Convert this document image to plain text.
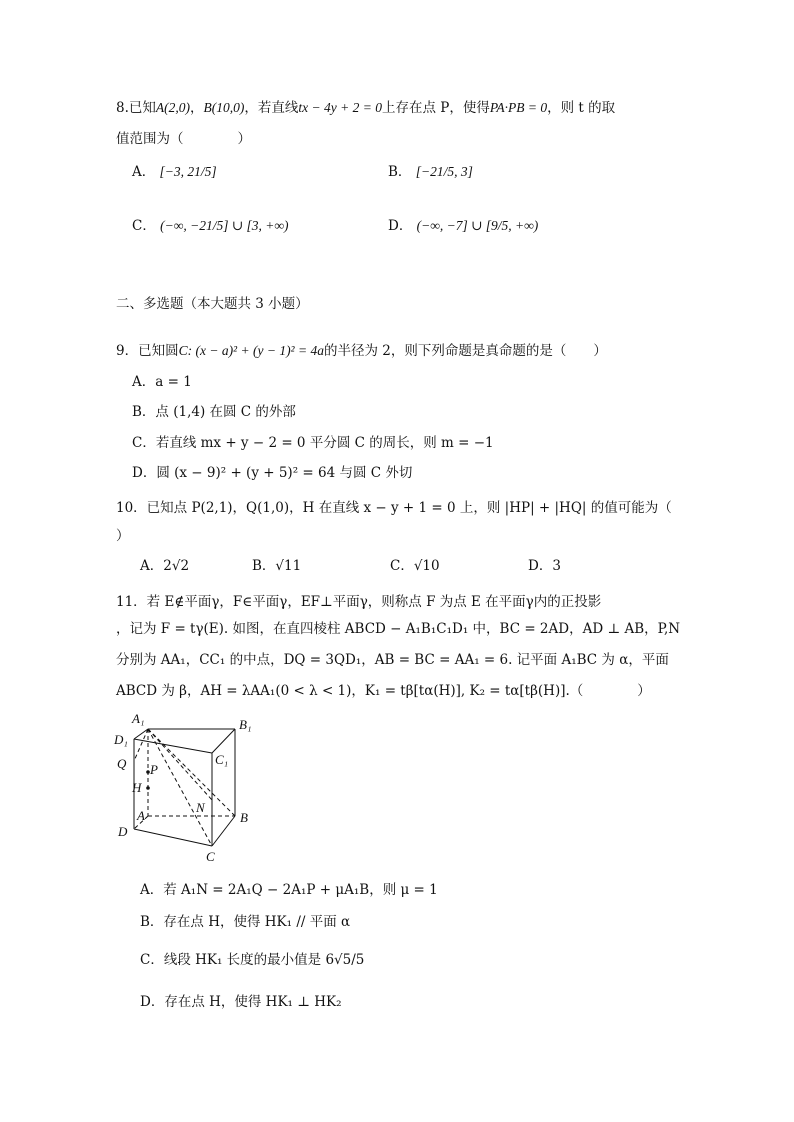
8.已知A(2,0)，B(10,0)，若直线tx − 4y + 2 = 0上存在点 P，使得PA·PB = 0，则 t 的取
值范围为（　　　　）
A． [−3, 21/5]	B． [−21/5, 3]
C． (−∞, −21/5] ∪ [3, +∞)	D． (−∞, −7] ∪ [9/5, +∞)
二、多选题（本大题共 3 小题）
9．已知圆C: (x − a)² + (y − 1)² = 4a的半径为 2，则下列命题是真命题的是（　　）
A．a = 1
B．点 (1,4) 在圆 C 的外部
C．若直线 mx + y − 2 = 0 平分圆 C 的周长，则 m = −1
D．圆 (x − 9)² + (y + 5)² = 64 与圆 C 外切
10．已知点 P(2,1)，Q(1,0)，H 在直线 x − y + 1 = 0 上，则 |HP| + |HQ| 的值可能为（
）
A．2√2	B．√11	C．√10	D．3
11．若 E∉平面γ，F∈平面γ，EF⊥平面γ，则称点 F 为点 E 在平面γ内的正投影
，记为 F = tγ(E). 如图，在直四棱柱 ABCD − A₁B₁C₁D₁ 中，BC = 2AD，AD ⊥ AB，P,N
分别为 AA₁，CC₁ 的中点，DQ = 3QD₁，AB = BC = AA₁ = 6. 记平面 A₁BC 为 α，平面
ABCD 为 β，AH = λAA₁(0 < λ < 1)，K₁ = tβ[tα(H)], K₂ = tα[tβ(H)].（　　　　）
A₁	B₁
D₁
C₁
Q P
H
A
N
B
D
C
A．若 A₁N = 2A₁Q − 2A₁P + μA₁B，则 μ = 1
B．存在点 H，使得 HK₁ // 平面 α
C．线段 HK₁ 长度的最小值是 6√5/5
D．存在点 H，使得 HK₁ ⊥ HK₂
